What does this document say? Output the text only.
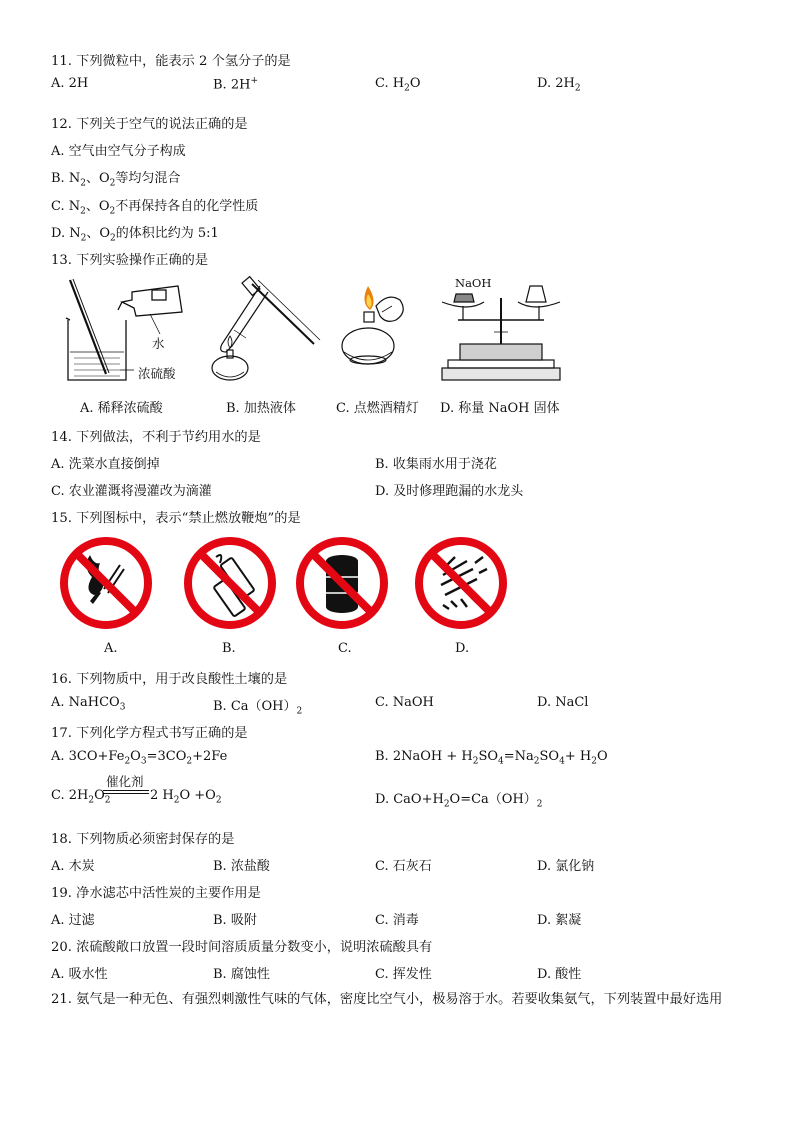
11. 下列微粒中，能表示 2 个氢分子的是
A. 2H	B. 2H+	C. $H_2O$	D. $2H_2$
12. 下列关于空气的说法正确的是
A. 空气由空气分子构成
B. $N_2$、$O_2$等均匀混合
C. $N_2$、$O_2$不再保持各自的化学性质
D. $N_2$、$O_2$的体积比约为 5:1
13. 下列实验操作正确的是
水
浓硫酸
NaOH
A. 稀释浓硫酸	B. 加热液体	C. 点燃酒精灯 D. 称量 NaOH 固体
14. 下列做法，不利于节约用水的是
A. 洗菜水直接倒掉	B. 收集雨水用于浇花
C. 农业灌溉将漫灌改为滴灌	D. 及时修理跑漏的水龙头
15. 下列图标中，表示“禁止燃放鞭炮”的是
A.	B.	C.	D.
16. 下列物质中，用于改良酸性土壤的是
A. NaHCO$_3$	B. $Ca(OH)_2$
C. NaOH	D. NaCl
17. 下列化学方程式书写正确的是
A. $3CO+Fe_2O_3=3CO_2+2Fe$	B. 2NaOH + $H_2SO_4=Na_2SO_4+ H_2O$
催化剂
C. $2H_2O_2$	2 $H_2O +O_2$	D. $CaO+H_2O=Ca(OH)_2$
18. 下列物质必须密封保存的是
A. 木炭	B. 浓盐酸	C. 石灰石	D. 氯化钠
19. 净水滤芯中活性炭的主要作用是
A. 过滤	B. 吸附	C. 消毒	D. 絮凝
20. 浓硫酸敞口放置一段时间溶质质量分数变小，说明浓硫酸具有
A. 吸水性	B. 腐蚀性	C. 挥发性	D. 酸性
21. 氨气是一种无色、有强烈刺激性气味的气体，密度比空气小，极易溶于水。若要收集氨气，下列装置中最好选用
